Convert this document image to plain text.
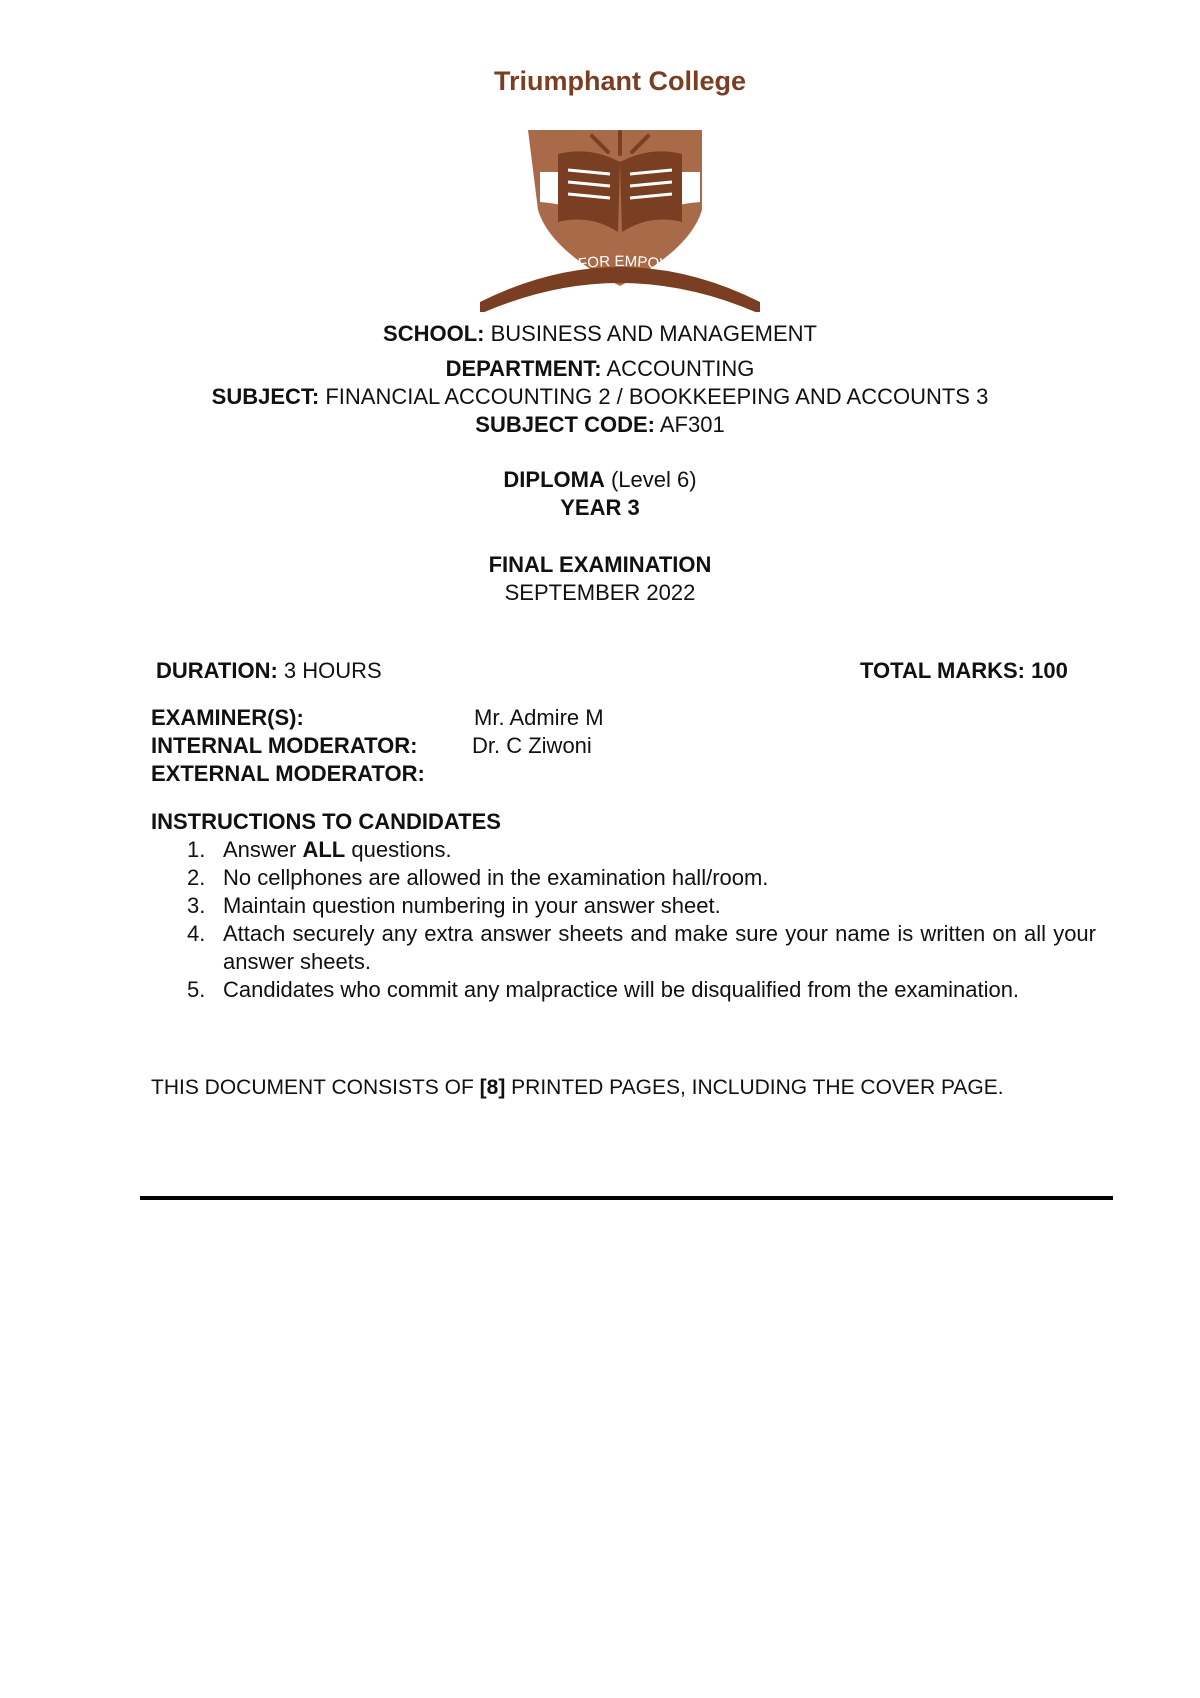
Triumphant College
EDUCATE FOR EMPOWERMENT
SCHOOL: BUSINESS AND MANAGEMENT
DEPARTMENT: ACCOUNTING
SUBJECT: FINANCIAL ACCOUNTING 2 / BOOKKEEPING AND ACCOUNTS 3
SUBJECT CODE: AF301
DIPLOMA (Level 6)
YEAR 3
FINAL EXAMINATION
SEPTEMBER 2022
DURATION: 3 HOURS	TOTAL MARKS: 100
EXAMINER(S):	Mr. Admire M
INTERNAL MODERATOR: Dr. C Ziwoni
EXTERNAL MODERATOR:
INSTRUCTIONS TO CANDIDATES
1. Answer ALL questions.
2. No cellphones are allowed in the examination hall/room.
3. Maintain question numbering in your answer sheet.
4. Attach securely any extra answer sheets and make sure your name is written on all your answer sheets.
5. Candidates who commit any malpractice will be disqualified from the examination.
THIS DOCUMENT CONSISTS OF [8] PRINTED PAGES, INCLUDING THE COVER PAGE.
